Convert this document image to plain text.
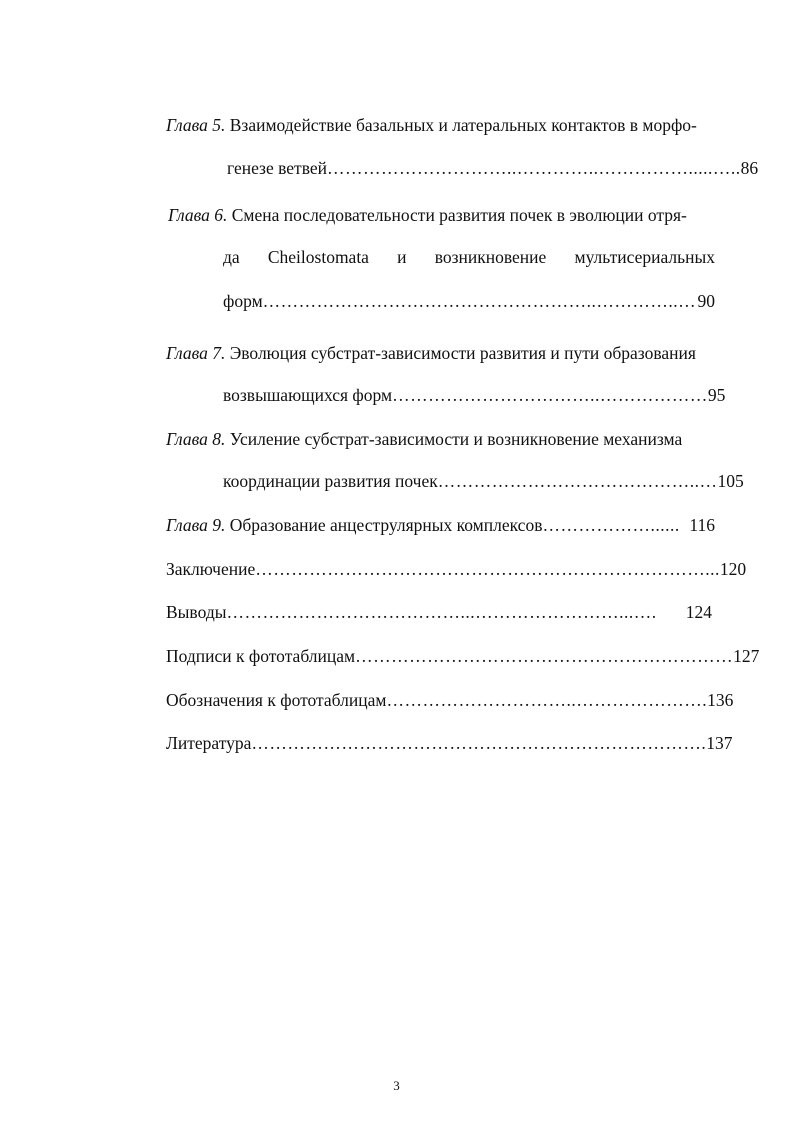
Глава 5. Взаимодействие базальных и латеральных контактов в морфо-
генезе ветвей …………………………..…………..…………….....….. 86
Глава 6. Смена последовательности развития почек в эволюции отря-
да Cheilostomata и возникновение мультисериальных
форм ………………………………………………..…………..… 90
Глава 7. Эволюция субстрат-зависимости развития и пути образования
возвышающихся форм ……………………………..……………… 95
Глава 8. Усиление субстрат-зависимости и возникновение механизма
координации развития почек ……………………………………..… 105
Глава 9. Образование анцеструлярных комплексов ………………...... 116
Заключение …………………………………………………………………... 120
Выводы …………………………………...……………………...….	124
Подписи к фототаблицам ……………………………………………………… 127
Обозначения к фототаблицам …………………………..…………………. 136
Литература …………………………………………………………………. 137
3
